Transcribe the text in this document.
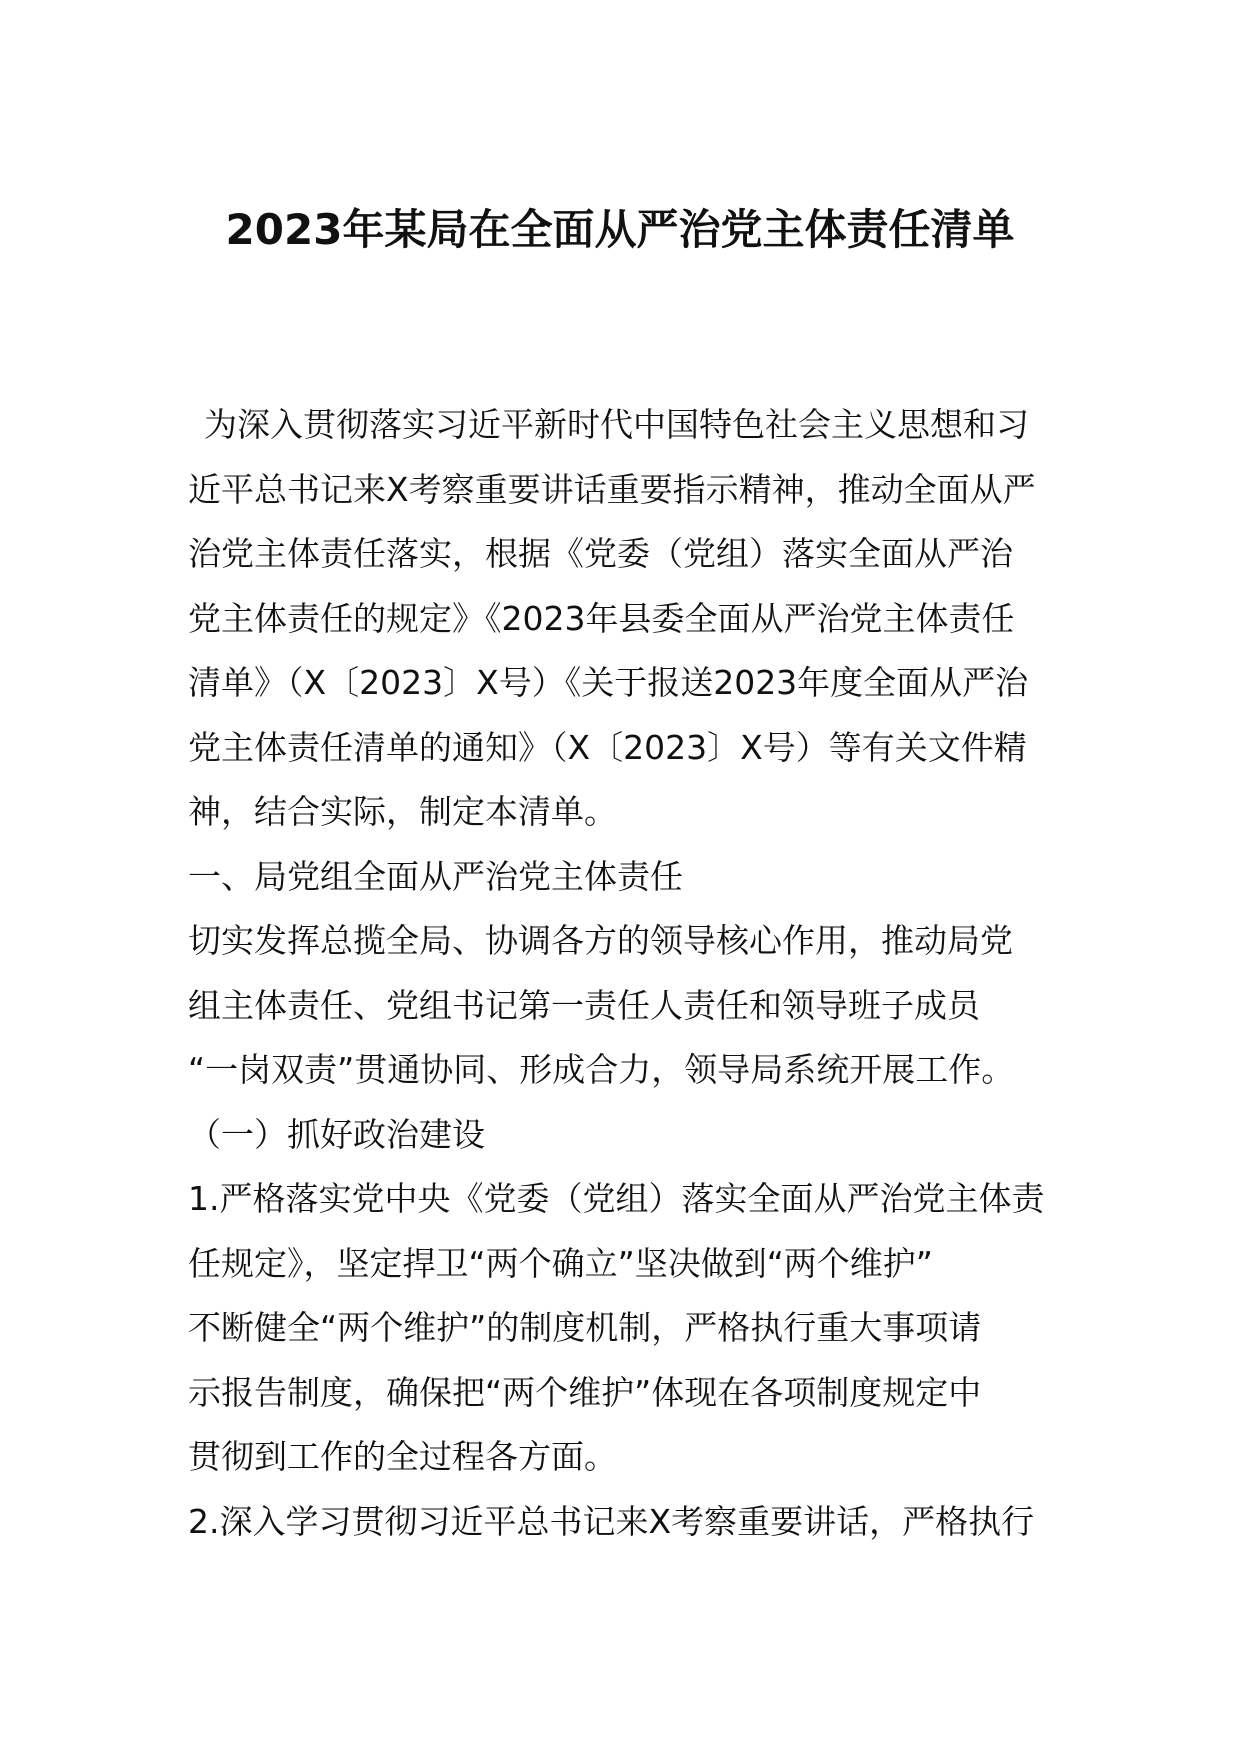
2023年某局在全面从严治党主体责任清单
为深入贯彻落实习近平新时代中国特色社会主义思想和习
近平总书记来X考察重要讲话重要指示精神，推动全面从严
治党主体责任落实，根据《党委（党组）落实全面从严治
党主体责任的规定》《2023年县委全面从严治党主体责任
清单》（X〔2023〕X号）《关于报送2023年度全面从严治
党主体责任清单的通知》（X〔2023〕X号）等有关文件精
神，结合实际，制定本清单。
一、局党组全面从严治党主体责任
切实发挥总揽全局、协调各方的领导核心作用，推动局党
组主体责任、党组书记第一责任人责任和领导班子成员
“一岗双责”贯通协同、形成合力，领导局系统开展工作。
（一）抓好政治建设
1.严格落实党中央《党委（党组）落实全面从严治党主体责
任规定》，坚定捍卫“两个确立”坚决做到“两个维护”
不断健全“两个维护”的制度机制，严格执行重大事项请
示报告制度，确保把“两个维护”体现在各项制度规定中
贯彻到工作的全过程各方面。
2.深入学习贯彻习近平总书记来X考察重要讲话，严格执行
